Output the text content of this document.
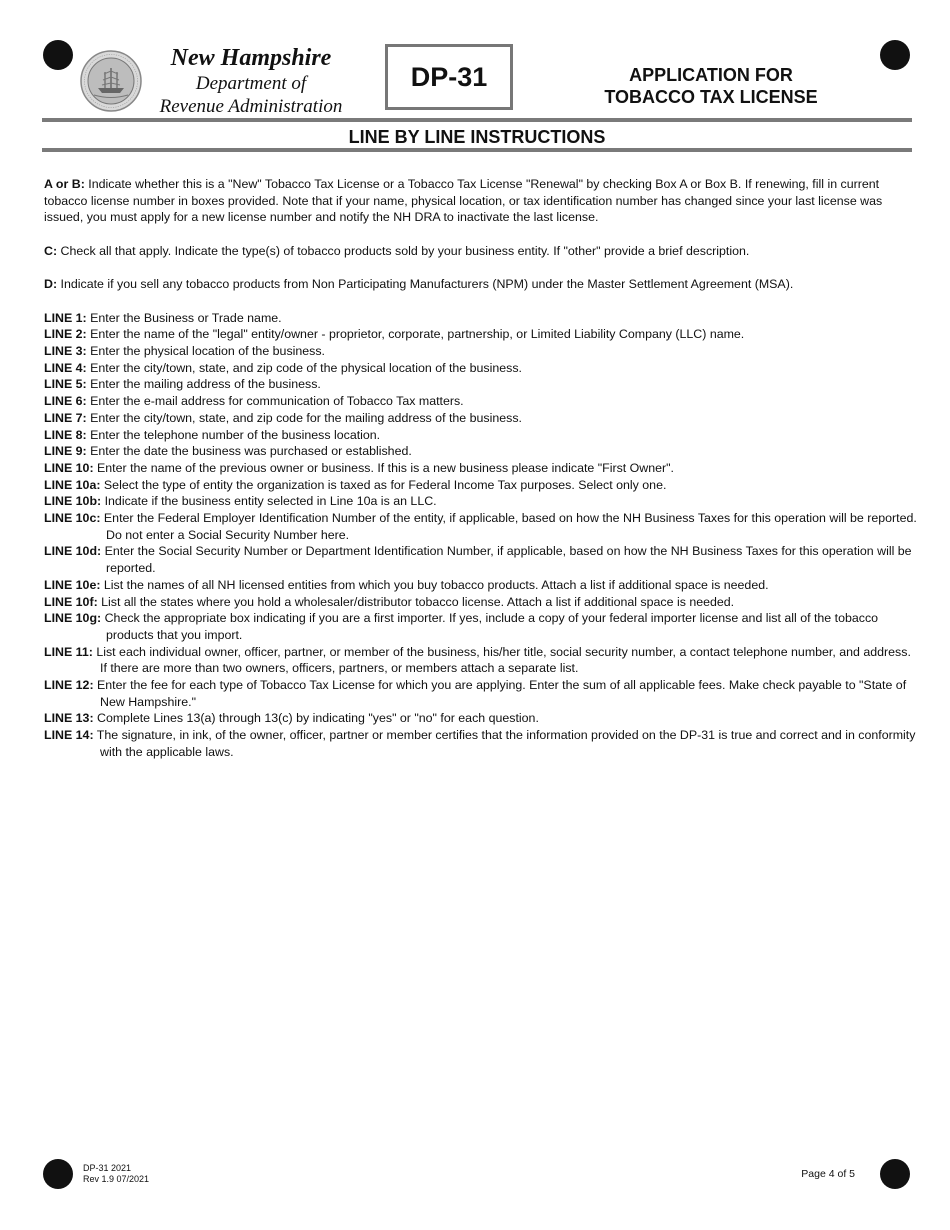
New Hampshire
Department of
Revenue Administration
DP-31	APPLICATION FOR
TOBACCO TAX LICENSE
LINE BY LINE INSTRUCTIONS

A or B: Indicate whether this is a "New" Tobacco Tax License or a Tobacco Tax License "Renewal" by checking Box A or Box B. If renewing, fill in current tobacco license number in boxes provided. Note that if your name, physical location, or tax identification number has changed since your last license was issued, you must apply for a new license number and notify the NH DRA to inactivate the last license.

C: Check all that apply. Indicate the type(s) of tobacco products sold by your business entity. If "other" provide a brief description.

D: Indicate if you sell any tobacco products from Non Participating Manufacturers (NPM) under the Master Settlement Agreement (MSA).

LINE 1: Enter the Business or Trade name.

LINE 2: Enter the name of the "legal" entity/owner - proprietor, corporate, partnership, or Limited Liability Company (LLC) name.

LINE 3: Enter the physical location of the business.

LINE 4: Enter the city/town, state, and zip code of the physical location of the business.

LINE 5: Enter the mailing address of the business.

LINE 6: Enter the e-mail address for communication of Tobacco Tax matters.

LINE 7: Enter the city/town, state, and zip code for the mailing address of the business.

LINE 8: Enter the telephone number of the business location.

LINE 9: Enter the date the business was purchased or established.

LINE 10: Enter the name of the previous owner or business. If this is a new business please indicate "First Owner".

LINE 10a: Select the type of entity the organization is taxed as for Federal Income Tax purposes. Select only one.

LINE 10b: Indicate if the business entity selected in Line 10a is an LLC.

LINE 10c: Enter the Federal Employer Identification Number of the entity, if applicable, based on how the NH Business Taxes for this operation will be reported. Do not enter a Social Security Number here.

LINE 10d: Enter the Social Security Number or Department Identification Number, if applicable, based on how the NH Business Taxes for this operation will be reported.

LINE 10e: List the names of all NH licensed entities from which you buy tobacco products. Attach a list if additional space is needed.

LINE 10f: List all the states where you hold a wholesaler/distributor tobacco license. Attach a list if additional space is needed.

LINE 10g: Check the appropriate box indicating if you are a first importer. If yes, include a copy of your federal importer license and list all of the tobacco products that you import.

LINE 11: List each individual owner, officer, partner, or member of the business, his/her title, social security number, a contact telephone number, and address. If there are more than two owners, officers, partners, or members attach a separate list.

LINE 12: Enter the fee for each type of Tobacco Tax License for which you are applying. Enter the sum of all applicable fees. Make check payable to "State of New Hampshire."

LINE 13: Complete Lines 13(a) through 13(c) by indicating "yes" or "no" for each question.

LINE 14: The signature, in ink, of the owner, officer, partner or member certifies that the information provided on the DP-31 is true and correct and in conformity with the applicable laws.

DP-31 2021
Rev 1.9 07/2021	Page 4 of 5
